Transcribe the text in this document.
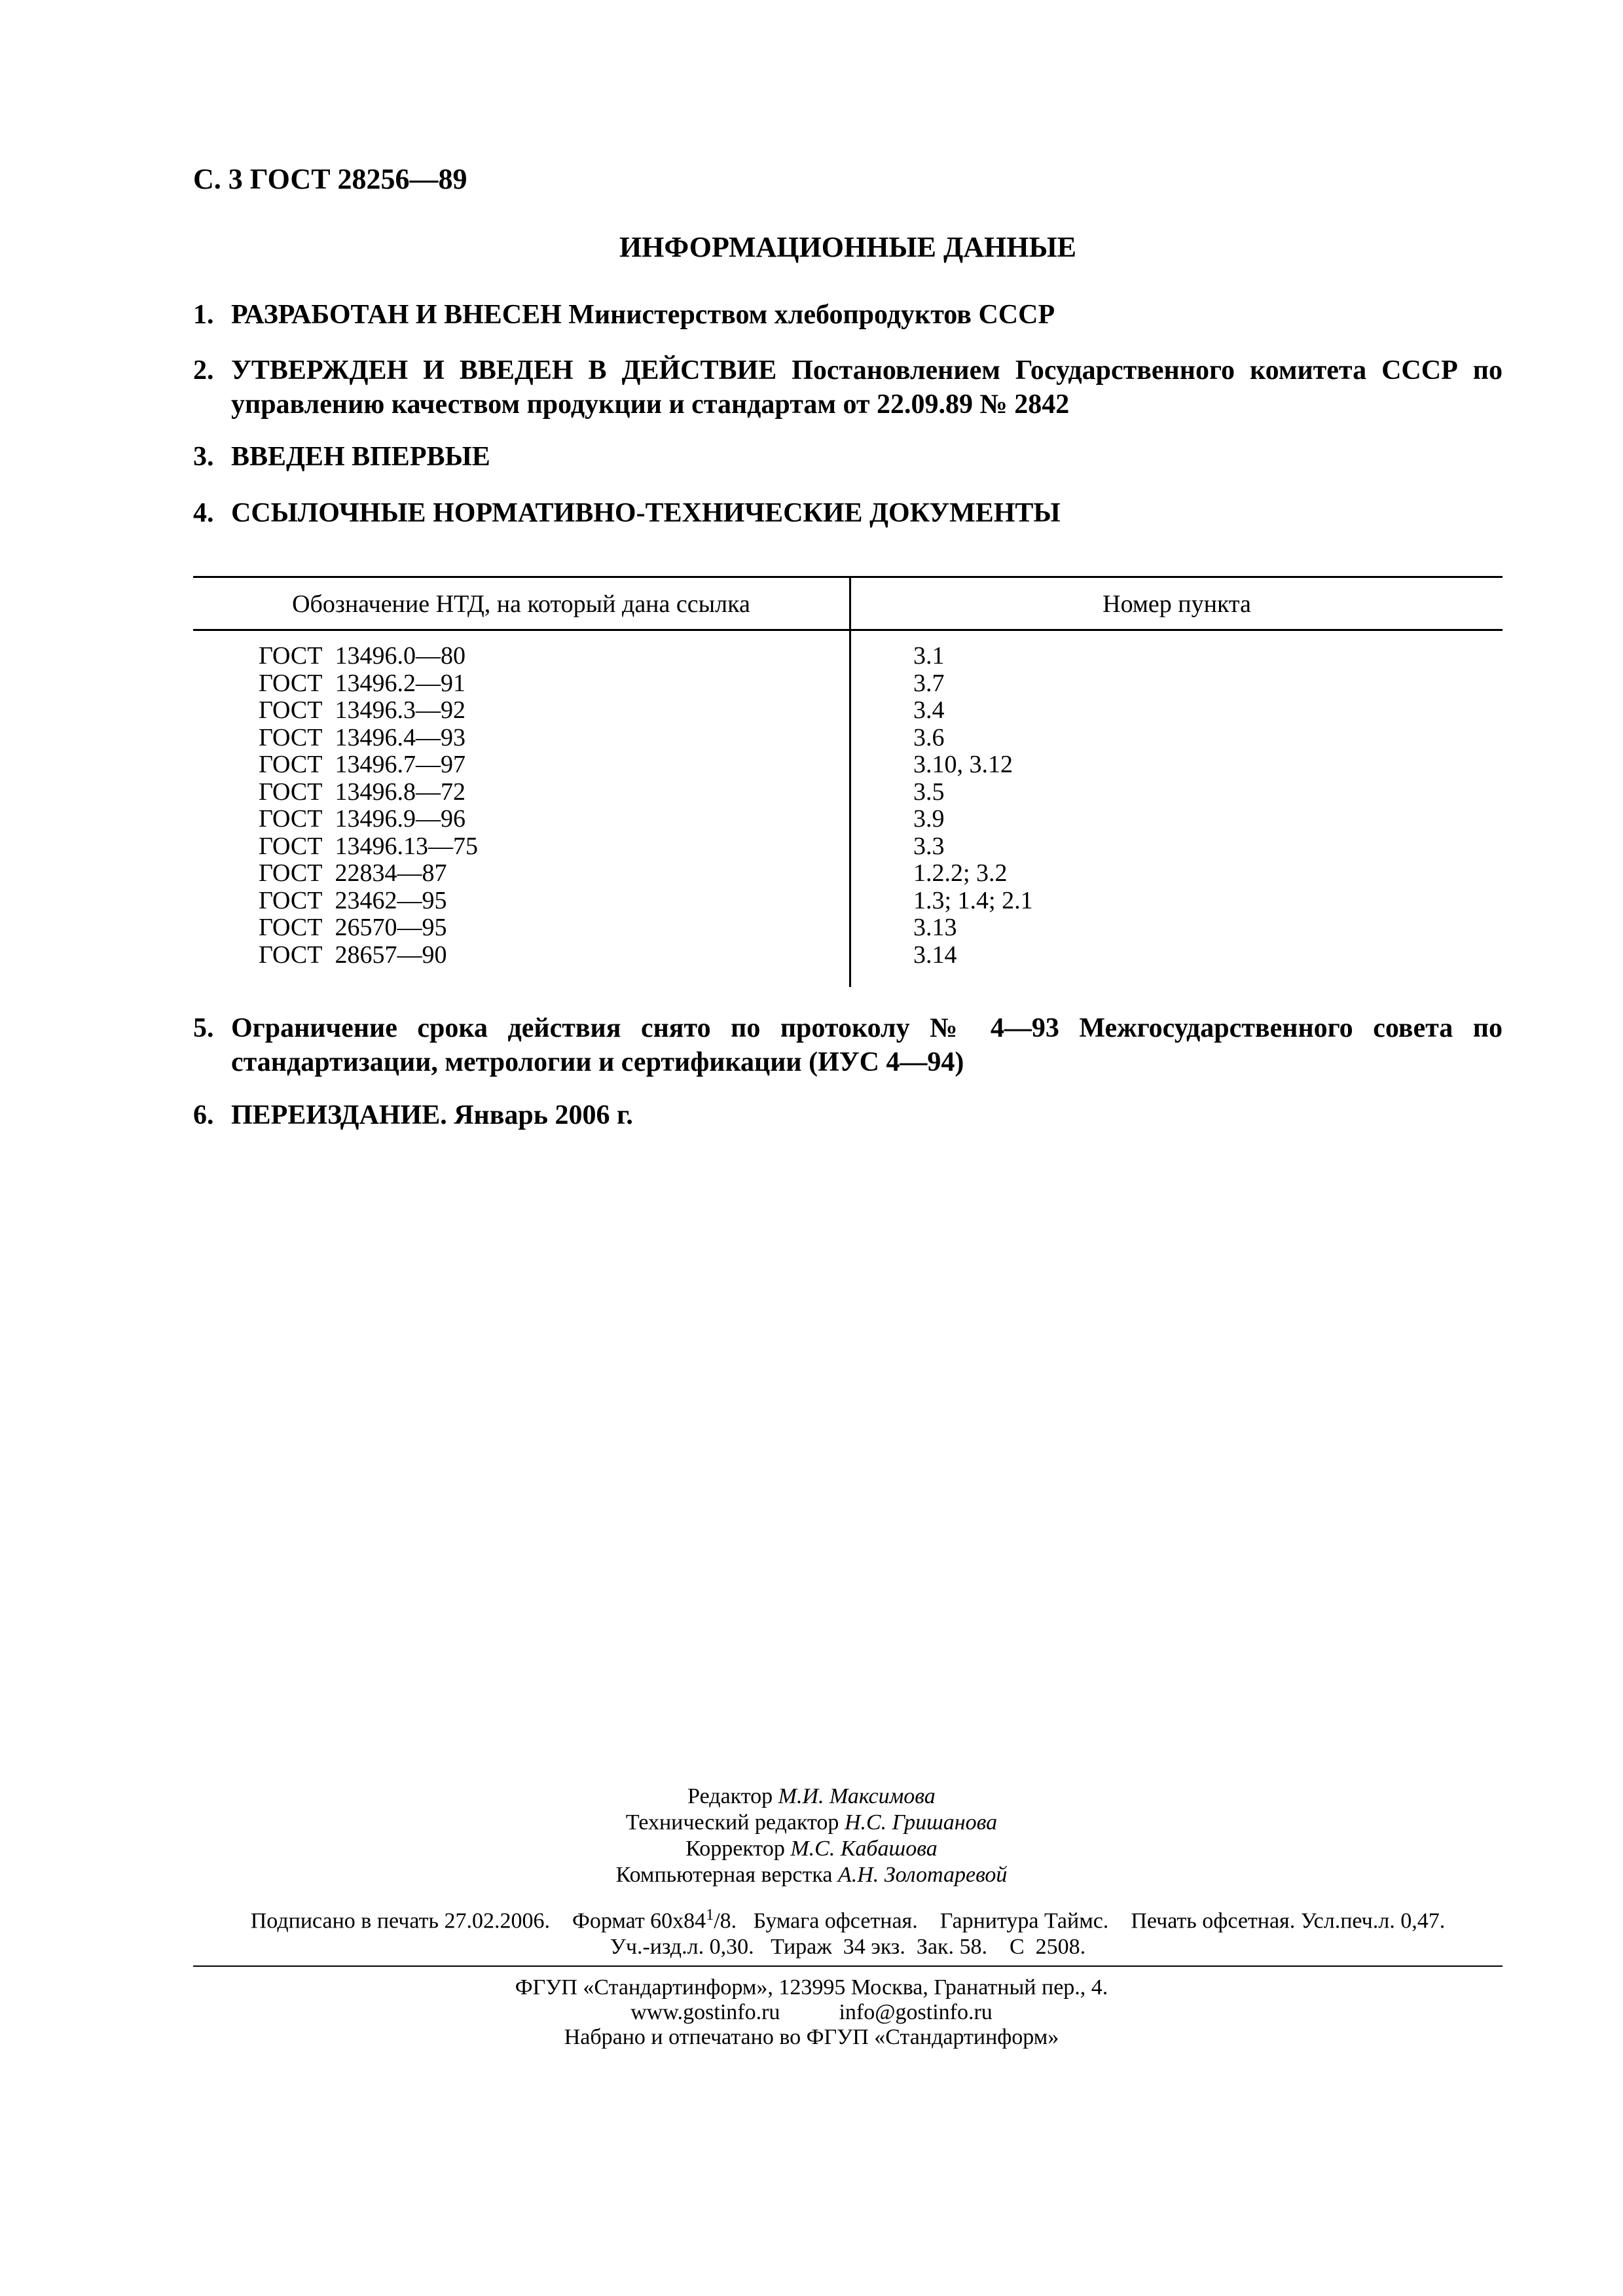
С. 3 ГОСТ 28256—89
ИНФОРМАЦИОННЫЕ ДАННЫЕ
1. РАЗРАБОТАН И ВНЕСЕН Министерством хлебопродуктов СССР
2. УТВЕРЖДЕН И ВВЕДЕН В ДЕЙСТВИЕ Постановлением Государственного комитета СССР по управлению качеством продукции и стандартам от 22.09.89 № 2842
3. ВВЕДЕН ВПЕРВЫЕ
4. ССЫЛОЧНЫЕ НОРМАТИВНО-ТЕХНИЧЕСКИЕ ДОКУМЕНТЫ
Обозначение НТД, на который дана ссылка	Номер пункта
ГОСТ  13496.0—80
ГОСТ  13496.2—91
ГОСТ  13496.3—92
ГОСТ  13496.4—93
ГОСТ  13496.7—97
ГОСТ  13496.8—72
ГОСТ  13496.9—96
ГОСТ  13496.13—75
ГОСТ  22834—87
ГОСТ  23462—95
ГОСТ  26570—95
ГОСТ  28657—90
3.1
3.7
3.4
3.6
3.10, 3.12
3.5
3.9
3.3
1.2.2; 3.2
1.3; 1.4; 2.1
3.13
3.14
5. Ограничение срока действия снято по протоколу № 4—93 Межгосударственного совета по стандартизации, метрологии и сертификации (ИУС 4—94)
6. ПЕРЕИЗДАНИЕ. Январь 2006 г.
Редактор М.И. Максимова
Технический редактор Н.С. Гришанова
Корректор М.С. Кабашова
Компьютерная верстка А.Н. Золотаревой
Подписано в печать 27.02.2006. Формат $60x84^1/8$. Бумага офсетная. Гарнитура Таймс. Печать офсетная. Усл.печ.л. 0,47.
Уч.-изд.л. 0,30.   Тираж  34 экз.  Зак. 58.    С  2508.
ФГУП «Стандартинформ», 123995 Москва, Гранатный пер., 4.
www.gostinfo.ru	info@gostinfo.ru
Набрано и отпечатано во ФГУП «Стандартинформ»
